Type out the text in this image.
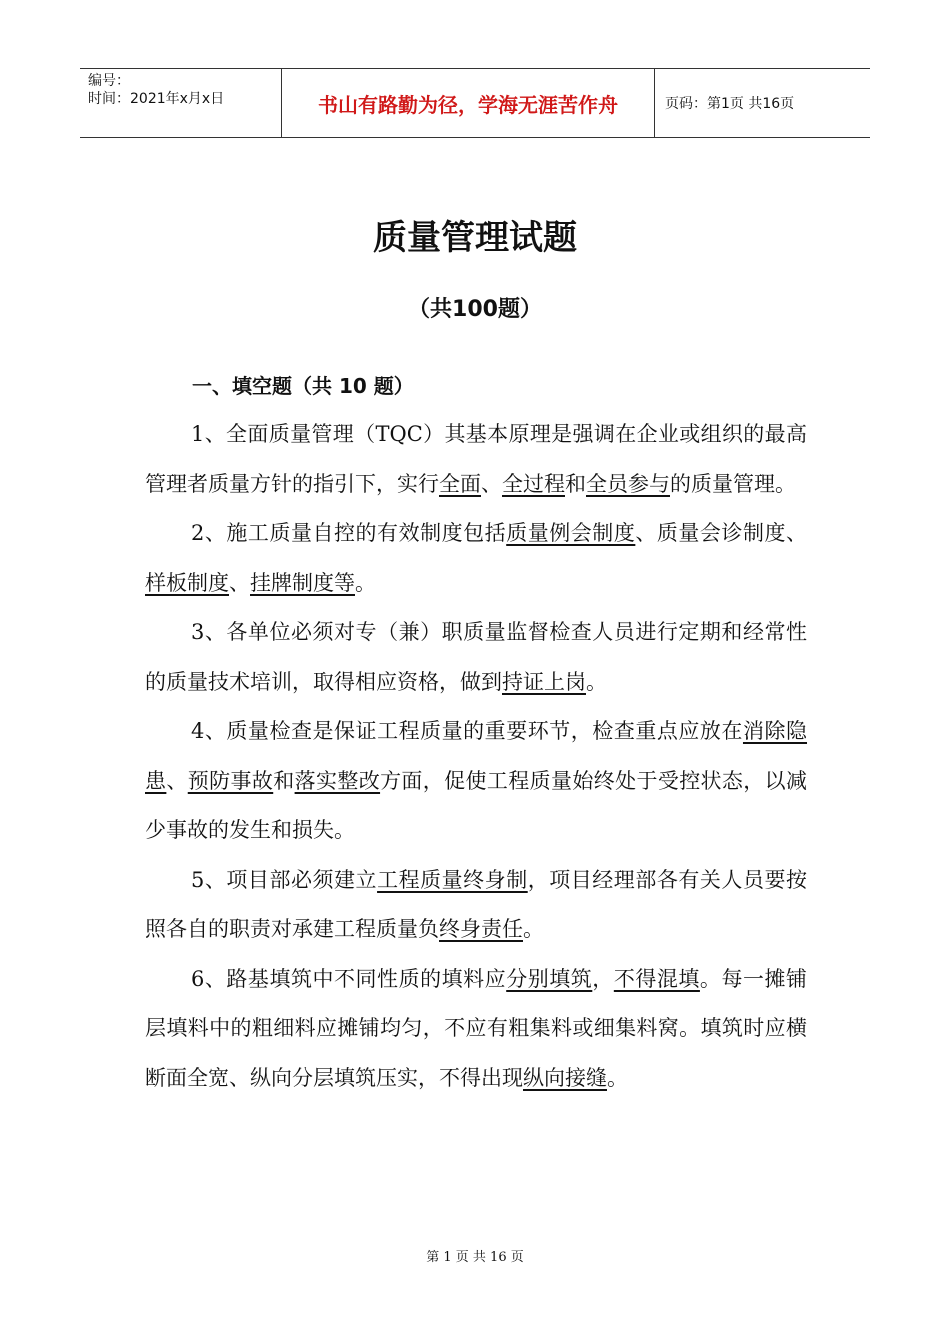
编号：
时间：2021年x月x日	书山有路勤为径，学海无涯苦作舟	页码：第1页 共16页
质量管理试题
（共100题）
一、填空题（共 10 题）

1、全面质量管理（TQC）其基本原理是强调在企业或组织的最高管理者质量方针的指引下，实行全面、全过程和全员参与的质量管理。

2、施工质量自控的有效制度包括质量例会制度、质量会诊制度、样板制度、挂牌制度等。

3、各单位必须对专（兼）职质量监督检查人员进行定期和经常性的质量技术培训，取得相应资格，做到持证上岗。

4、质量检查是保证工程质量的重要环节，检查重点应放在消除隐患、预防事故和落实整改方面，促使工程质量始终处于受控状态，以减少事故的发生和损失。

5、项目部必须建立工程质量终身制，项目经理部各有关人员要按照各自的职责对承建工程质量负终身责任。

6、路基填筑中不同性质的填料应分别填筑，不得混填。每一摊铺层填料中的粗细料应摊铺均匀，不应有粗集料或细集料窝。填筑时应横断面全宽、纵向分层填筑压实，不得出现纵向接缝。

第 1 页 共 16 页
